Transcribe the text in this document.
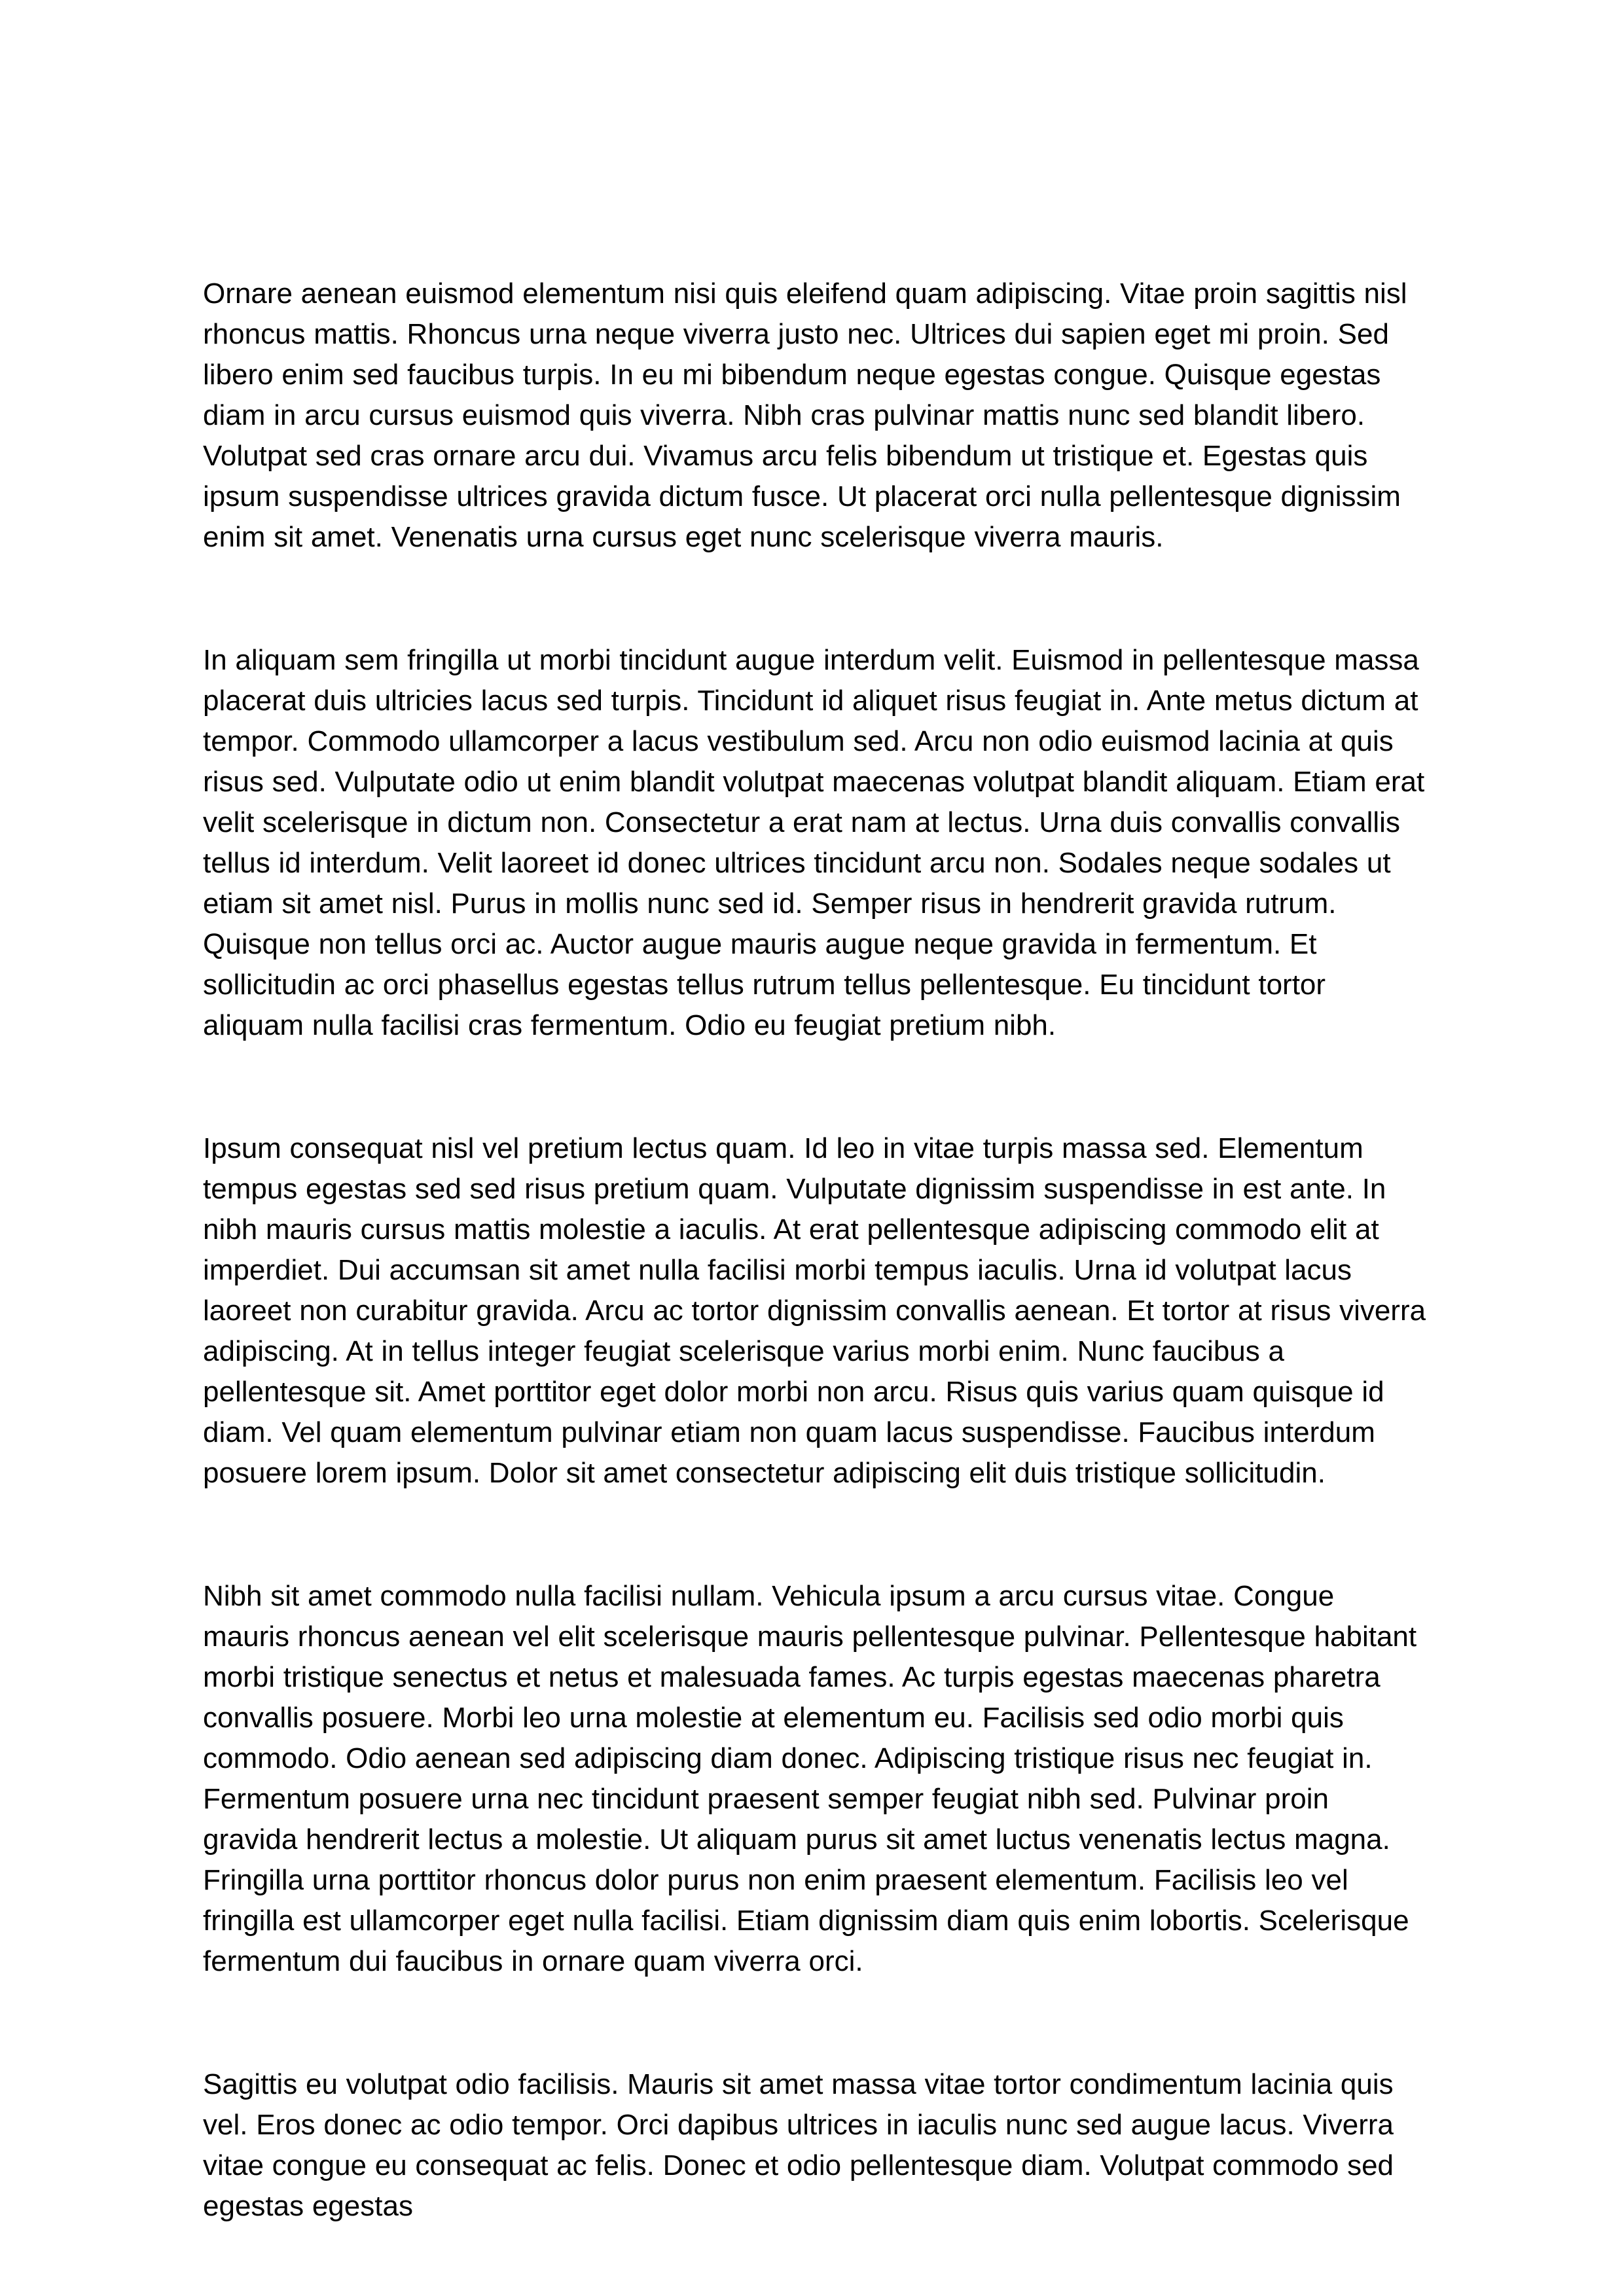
Ornare aenean euismod elementum nisi quis eleifend quam adipiscing. Vitae proin sagittis nisl rhoncus mattis. Rhoncus urna neque viverra justo nec. Ultrices dui sapien eget mi proin. Sed libero enim sed faucibus turpis. In eu mi bibendum neque egestas congue. Quisque egestas diam in arcu cursus euismod quis viverra. Nibh cras pulvinar mattis nunc sed blandit libero. Volutpat sed cras ornare arcu dui. Vivamus arcu felis bibendum ut tristique et. Egestas quis ipsum suspendisse ultrices gravida dictum fusce. Ut placerat orci nulla pellentesque dignissim enim sit amet. Venenatis urna cursus eget nunc scelerisque viverra mauris.

In aliquam sem fringilla ut morbi tincidunt augue interdum velit. Euismod in pellentesque massa placerat duis ultricies lacus sed turpis. Tincidunt id aliquet risus feugiat in. Ante metus dictum at tempor. Commodo ullamcorper a lacus vestibulum sed. Arcu non odio euismod lacinia at quis risus sed. Vulputate odio ut enim blandit volutpat maecenas volutpat blandit aliquam. Etiam erat velit scelerisque in dictum non. Consectetur a erat nam at lectus. Urna duis convallis convallis tellus id interdum. Velit laoreet id donec ultrices tincidunt arcu non. Sodales neque sodales ut etiam sit amet nisl. Purus in mollis nunc sed id. Semper risus in hendrerit gravida rutrum. Quisque non tellus orci ac. Auctor augue mauris augue neque gravida in fermentum. Et sollicitudin ac orci phasellus egestas tellus rutrum tellus pellentesque. Eu tincidunt tortor aliquam nulla facilisi cras fermentum. Odio eu feugiat pretium nibh.

Ipsum consequat nisl vel pretium lectus quam. Id leo in vitae turpis massa sed. Elementum tempus egestas sed sed risus pretium quam. Vulputate dignissim suspendisse in est ante. In nibh mauris cursus mattis molestie a iaculis. At erat pellentesque adipiscing commodo elit at imperdiet. Dui accumsan sit amet nulla facilisi morbi tempus iaculis. Urna id volutpat lacus laoreet non curabitur gravida. Arcu ac tortor dignissim convallis aenean. Et tortor at risus viverra adipiscing. At in tellus integer feugiat scelerisque varius morbi enim. Nunc faucibus a pellentesque sit. Amet porttitor eget dolor morbi non arcu. Risus quis varius quam quisque id diam. Vel quam elementum pulvinar etiam non quam lacus suspendisse. Faucibus interdum posuere lorem ipsum. Dolor sit amet consectetur adipiscing elit duis tristique sollicitudin.

Nibh sit amet commodo nulla facilisi nullam. Vehicula ipsum a arcu cursus vitae. Congue mauris rhoncus aenean vel elit scelerisque mauris pellentesque pulvinar. Pellentesque habitant morbi tristique senectus et netus et malesuada fames. Ac turpis egestas maecenas pharetra convallis posuere. Morbi leo urna molestie at elementum eu. Facilisis sed odio morbi quis commodo. Odio aenean sed adipiscing diam donec. Adipiscing tristique risus nec feugiat in. Fermentum posuere urna nec tincidunt praesent semper feugiat nibh sed. Pulvinar proin gravida hendrerit lectus a molestie. Ut aliquam purus sit amet luctus venenatis lectus magna. Fringilla urna porttitor rhoncus dolor purus non enim praesent elementum. Facilisis leo vel fringilla est ullamcorper eget nulla facilisi. Etiam dignissim diam quis enim lobortis. Scelerisque fermentum dui faucibus in ornare quam viverra orci.

Sagittis eu volutpat odio facilisis. Mauris sit amet massa vitae tortor condimentum lacinia quis vel. Eros donec ac odio tempor. Orci dapibus ultrices in iaculis nunc sed augue lacus. Viverra vitae congue eu consequat ac felis. Donec et odio pellentesque diam. Volutpat commodo sed egestas egestas
